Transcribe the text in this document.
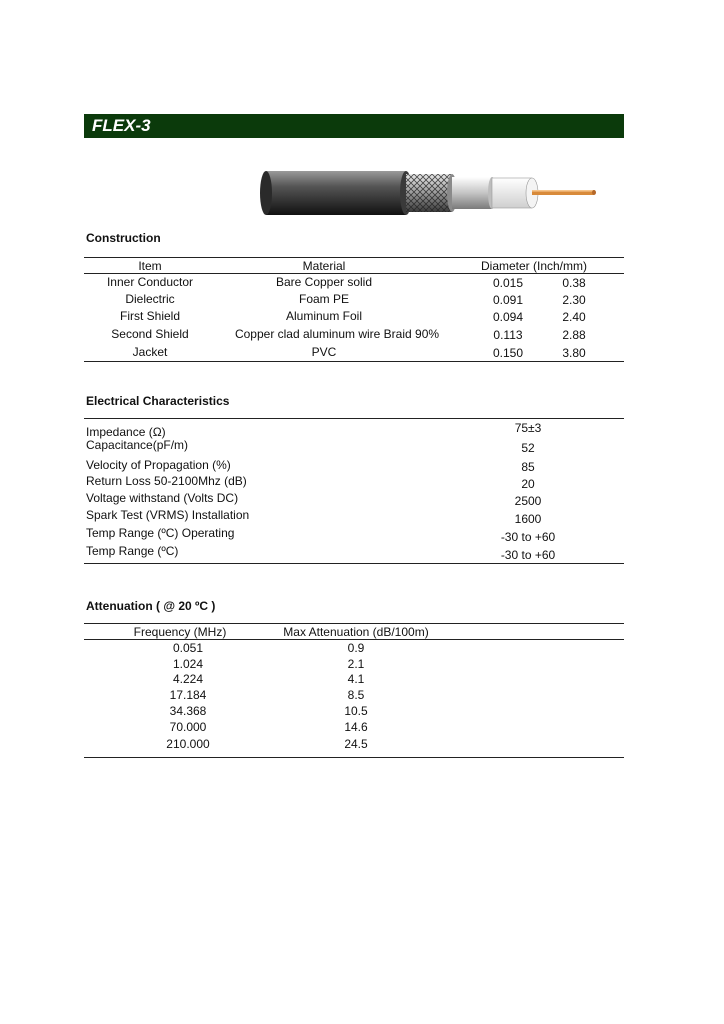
FLEX-3
Construction
Item	Material	Diameter (Inch/mm)
Inner Conductor	Bare Copper solid	0.015	0.38
Dielectric	Foam PE	0.091	2.30
First Shield	Aluminum Foil	0.094	2.40
Second Shield	Copper clad aluminum wire Braid 90%	0.113	2.88
Jacket	PVC	0.150	3.80
Electrical Characteristics
Impedance (Ω)	75±3
Capacitance(pF/m)	52
Velocity of Propagation (%)	85
Return Loss 50-2100Mhz (dB)	20
Voltage withstand (Volts DC)	2500
Spark Test (VRMS) Installation	1600
Temp Range (ºC) Operating	-30 to +60
Temp Range (ºC)	-30 to +60
Attenuation ( @ 20 ºC )
Frequency (MHz)	Max Attenuation (dB/100m)
0.051	0.9
1.024	2.1
4.224	4.1
17.184	8.5
34.368	10.5
70.000	14.6
210.000	24.5
